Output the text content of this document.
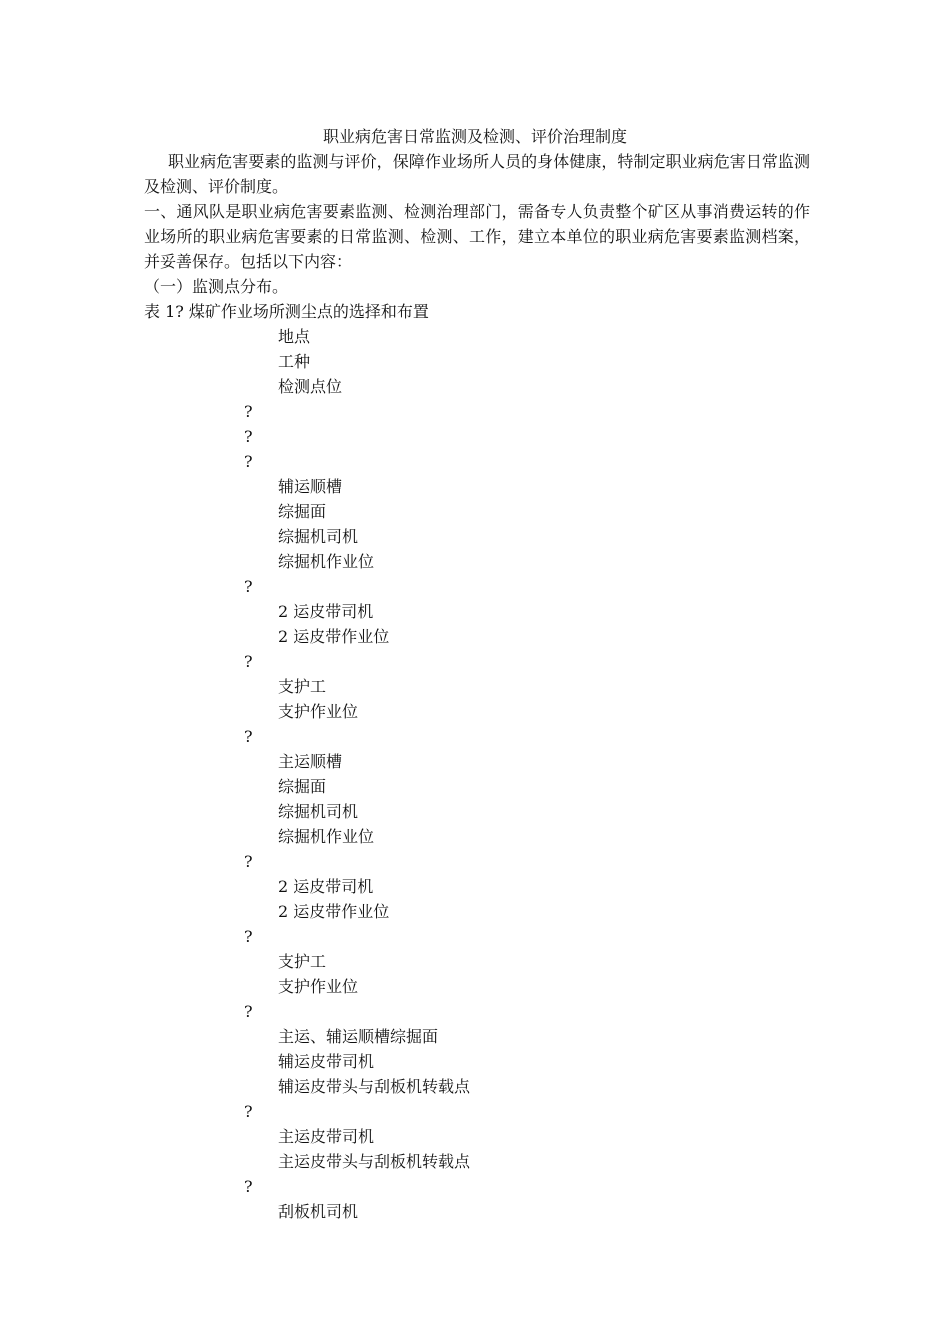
职业病危害日常监测及检测、评价治理制度

职业病危害要素的监测与评价，保障作业场所人员的身体健康，特制定职业病危害日常监测及检测、评价制度。

一、通风队是职业病危害要素监测、检测治理部门，需备专人负责整个矿区从事消费运转的作业场所的职业病危害要素的日常监测、检测、工作，建立本单位的职业病危害要素监测档案，并妥善保存。包括以下内容：

（一）监测点分布。
表 1? 煤矿作业场所测尘点的选择和布置
地点
工种
检测点位
?
?
?
辅运顺槽
综掘面
综掘机司机
综掘机作业位
?
2 运皮带司机
2 运皮带作业位
?
支护工
支护作业位
?
主运顺槽
综掘面
综掘机司机
综掘机作业位
?
2 运皮带司机
2 运皮带作业位
?
支护工
支护作业位
?
主运、辅运顺槽综掘面
辅运皮带司机
辅运皮带头与刮板机转载点
?
主运皮带司机
主运皮带头与刮板机转载点
?
刮板机司机
